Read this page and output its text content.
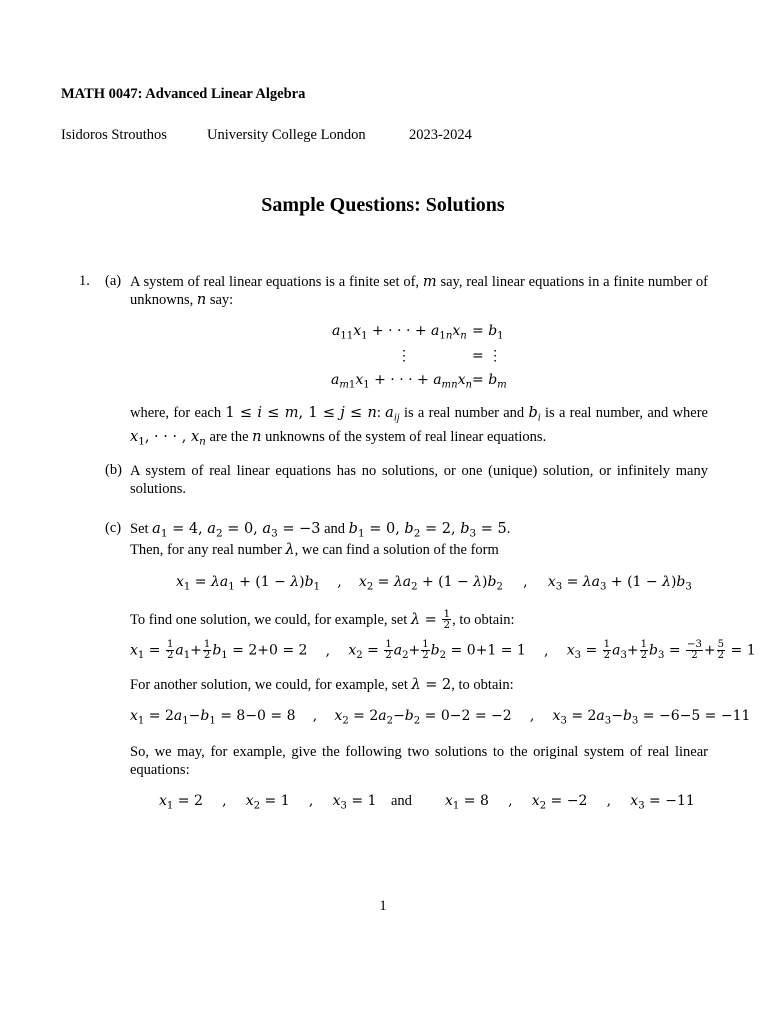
MATH 0047: Advanced Linear Algebra
Isidoros Strouthos	University College London	2023-2024
Sample Questions: Solutions
1. (a) A system of real linear equations is a finite set of, m say, real linear equations in a finite number of unknowns, n say:
$a_{11}x_1$ + · · · + $a_{1n}x_n = b_1$
⋮	= ⋮
$a_{m1}x_1$ + · · · + $a_{mn}x_n = b_m$
where, for each 1 ≤ i ≤ m, 1 ≤ j ≤ n: $a_{ij}$ is a real number and $b_i$ is a real number, and where $x_1$, · · · , $x_n$ are the n unknowns of the system of real linear equations.
(b) A system of real linear equations has no solutions, or one (unique) solution, or infinitely many solutions.
(c) Set $a_1 = 4$, $a_2 = 0$, $a_3 = -3$ and $b_1 = 0$, $b_2 = 2$, $b_3 = 5$.
Then, for any real number λ, we can find a solution of the form
$x_1 = \lambda a_1 + (1 - \lambda)b_1$ , $x_2 = \lambda a_2 + (1 - \lambda)b_2$ , $x_3 = \lambda a_3 + (1 - \lambda)b_3$
To find one solution, we could, for example, set $\lambda = \frac{1}{2}$ , to obtain:
$x_1 = \frac{1}{2} a_1+ \frac{1}{2} b_1 = 2+0 = 2$ , $x_2 = \frac{1}{2} a_2+ \frac{1}{2} b_2 = 0+1 = 1$ , $x_3 = \frac{1}{2} a_3+ \frac{1}{2} b_3 = \frac{-3}{2} + \frac{5}{2} = 1$
For another solution, we could, for example, set λ = 2, to obtain:
$x_1 = 2a_1-b_1 = 8-0 = 8$ , $x_2 = 2a_2-b_2 = 0-2 = -2$ , $x_3 = 2a_3-b_3 = -6-5 = -11$
So, we may, for example, give the following two solutions to the original system of real linear equations:
$x_1 = 2$ , $x_2 = 1$ , $x_3 = 1$ and $x_1 = 8$ , $x_2 = -2$ , $x_3 = -11$
1
